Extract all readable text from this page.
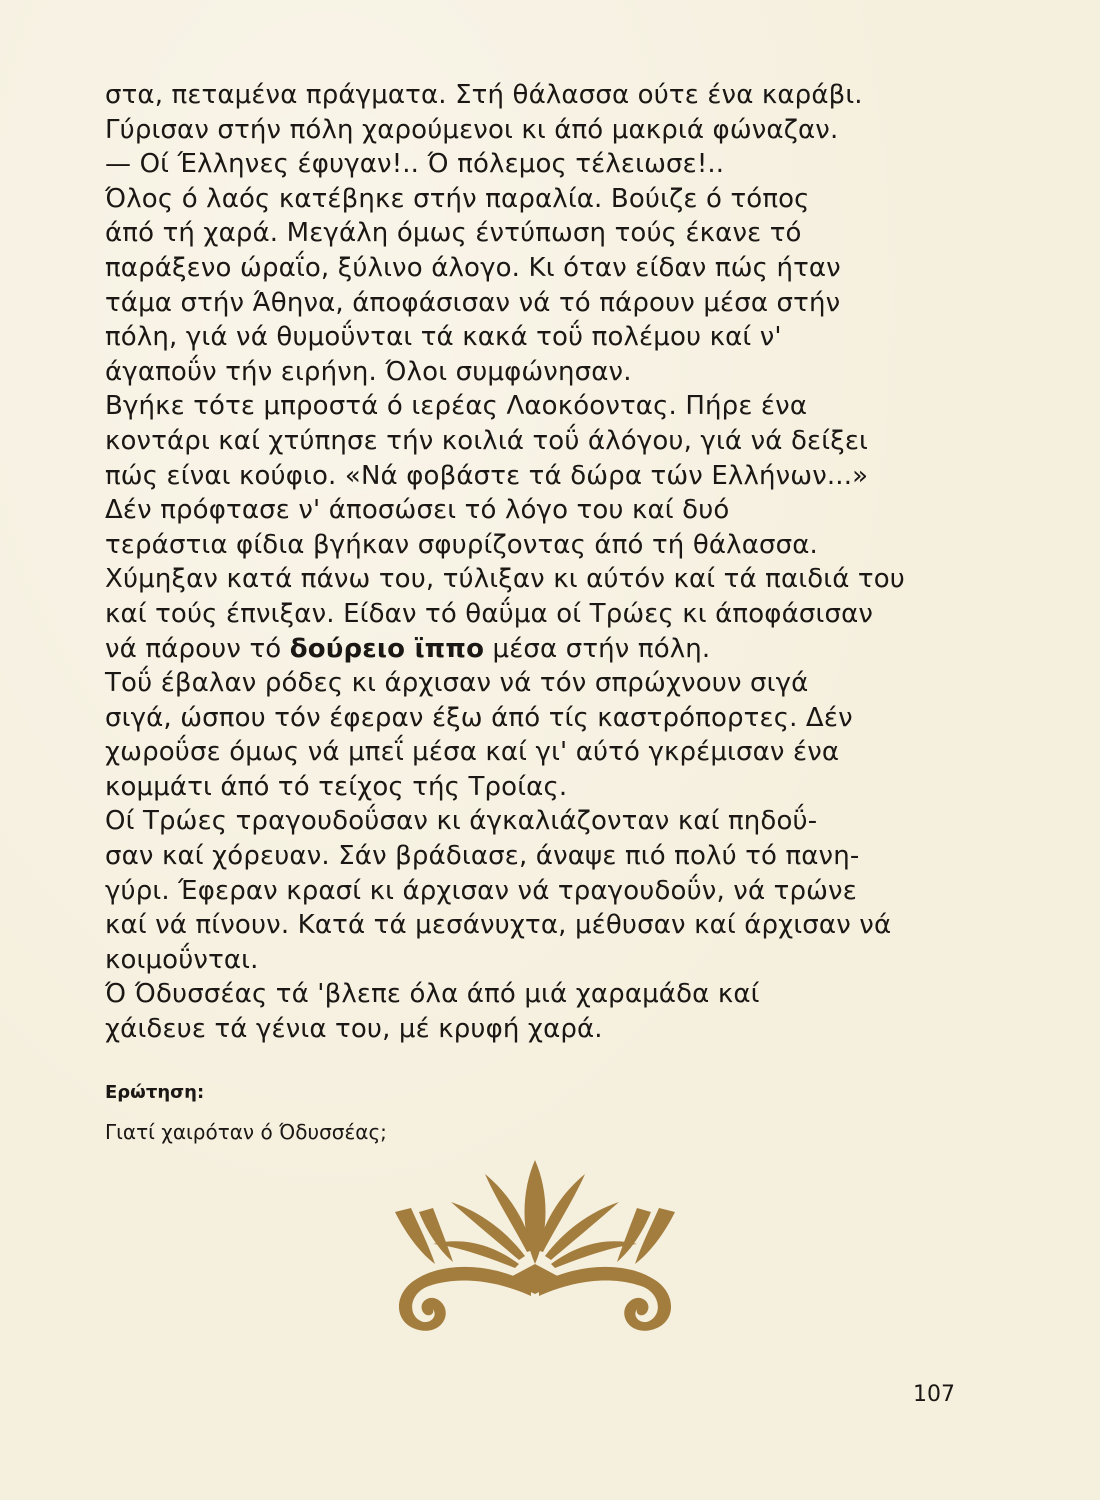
στα, πεταμένα πράγματα. Στή θάλασσα ούτε ένα καράβι.
Γύρισαν στήν πόλη χαρούμενοι κι άπό μακριά φώναζαν.
— Οί Έλληνες έφυγαν!.. Ό πόλεμος τέλειωσε!..
Όλος ό λαός κατέβηκε στήν παραλία. Βούιζε ό τόπος
άπό τή χαρά. Μεγάλη όμως έντύπωση τούς έκανε τό
παράξενο ώραΐο, ξύλινο άλογο. Κι όταν είδαν πώς ήταν
τάμα στήν Άθηνα, άποφάσισαν νά τό πάρουν μέσα στήν
πόλη, γιά νά θυμοΰνται τά κακά τοΰ πολέμου καί ν'
άγαποΰν τήν ειρήνη. Όλοι συμφώνησαν.
Βγήκε τότε μπροστά ό ιερέας Λαοκόοντας. Πήρε ένα
κοντάρι καί χτύπησε τήν κοιλιά τοΰ άλόγου, γιά νά δείξει
πώς είναι κούφιο. «Νά φοβάστε τά δώρα τών Ελλήνων...»
Δέν πρόφτασε ν' άποσώσει τό λόγο του καί δυό
τεράστια φίδια βγήκαν σφυρίζοντας άπό τή θάλασσα.
Χύμηξαν κατά πάνω του, τύλιξαν κι αύτόν καί τά παιδιά του
καί τούς έπνιξαν. Είδαν τό θαΰμα οί Τρώες κι άποφάσισαν
νά πάρουν τό δούρειο ϊππο μέσα στήν πόλη.
Τοΰ έβαλαν ρόδες κι άρχισαν νά τόν σπρώχνουν σιγά
σιγά, ώσπου τόν έφεραν έξω άπό τίς καστρόπορτες. Δέν
χωροΰσε όμως νά μπεΐ μέσα καί γι' αύτό γκρέμισαν ένα
κομμάτι άπό τό τείχος τής Τροίας.
Οί Τρώες τραγουδοΰσαν κι άγκαλιάζονταν καί πηδοΰ-
σαν καί χόρευαν. Σάν βράδιασε, άναψε πιό πολύ τό πανη-
γύρι. Έφεραν κρασί κι άρχισαν νά τραγουδοΰν, νά τρώνε
καί νά πίνουν. Κατά τά μεσάνυχτα, μέθυσαν καί άρχισαν νά
κοιμοΰνται.
Ό Όδυσσέας τά 'βλεπε όλα άπό μιά χαραμάδα καί
χάιδευε τά γένια του, μέ κρυφή χαρά.
Ερώτηση:
Γιατί χαιρόταν ό Όδυσσέας;
107
